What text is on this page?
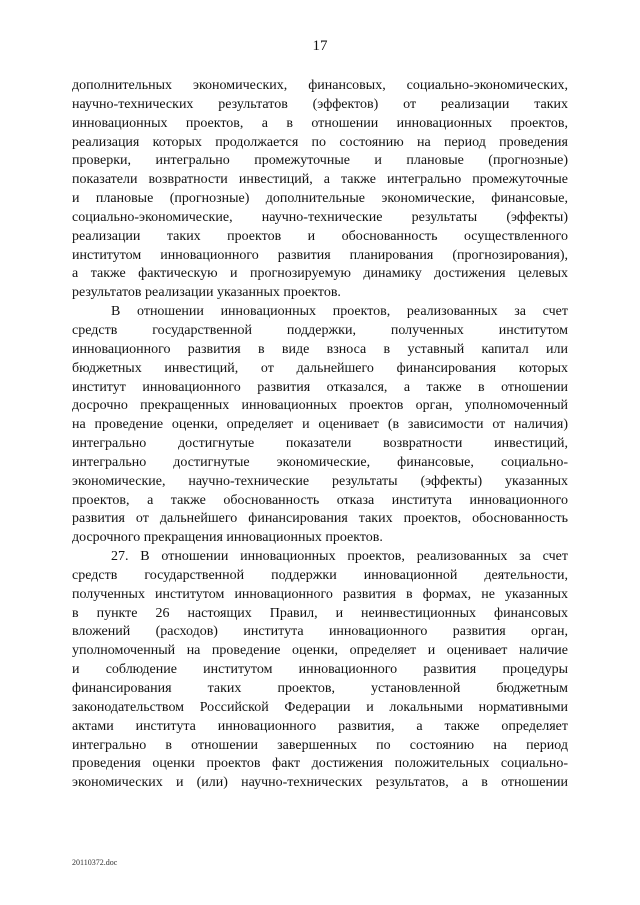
17
дополнительных экономических, финансовых, социально-экономических,
научно-технических результатов (эффектов) от реализации таких
инновационных проектов, а в отношении инновационных проектов,
реализация которых продолжается по состоянию на период проведения
проверки, интегрально промежуточные и плановые (прогнозные)
показатели возвратности инвестиций, а также интегрально промежуточные
и плановые (прогнозные) дополнительные экономические, финансовые,
социально-экономические, научно-технические результаты (эффекты)
реализации таких проектов и обоснованность осуществленного
институтом инновационного развития планирования (прогнозирования),
а также фактическую и прогнозируемую динамику достижения целевых
результатов реализации указанных проектов.
В отношении инновационных проектов, реализованных за счет
средств государственной поддержки, полученных институтом
инновационного развития в виде взноса в уставный капитал или
бюджетных инвестиций, от дальнейшего финансирования которых
институт инновационного развития отказался, а также в отношении
досрочно прекращенных инновационных проектов орган, уполномоченный
на проведение оценки, определяет и оценивает (в зависимости от наличия)
интегрально достигнутые показатели возвратности инвестиций,
интегрально достигнутые экономические, финансовые, социально-
экономические, научно-технические результаты (эффекты) указанных
проектов, а также обоснованность отказа института инновационного
развития от дальнейшего финансирования таких проектов, обоснованность
досрочного прекращения инновационных проектов.
27. В отношении инновационных проектов, реализованных за счет
средств государственной поддержки инновационной деятельности,
полученных институтом инновационного развития в формах, не указанных
в пункте 26 настоящих Правил, и неинвестиционных финансовых
вложений (расходов) института инновационного развития орган,
уполномоченный на проведение оценки, определяет и оценивает наличие
и соблюдение институтом инновационного развития процедуры
финансирования таких проектов, установленной бюджетным
законодательством Российской Федерации и локальными нормативными
актами института инновационного развития, а также определяет
интегрально в отношении завершенных по состоянию на период
проведения оценки проектов факт достижения положительных социально-
экономических и (или) научно-технических результатов, а в отношении
20110372.doc
